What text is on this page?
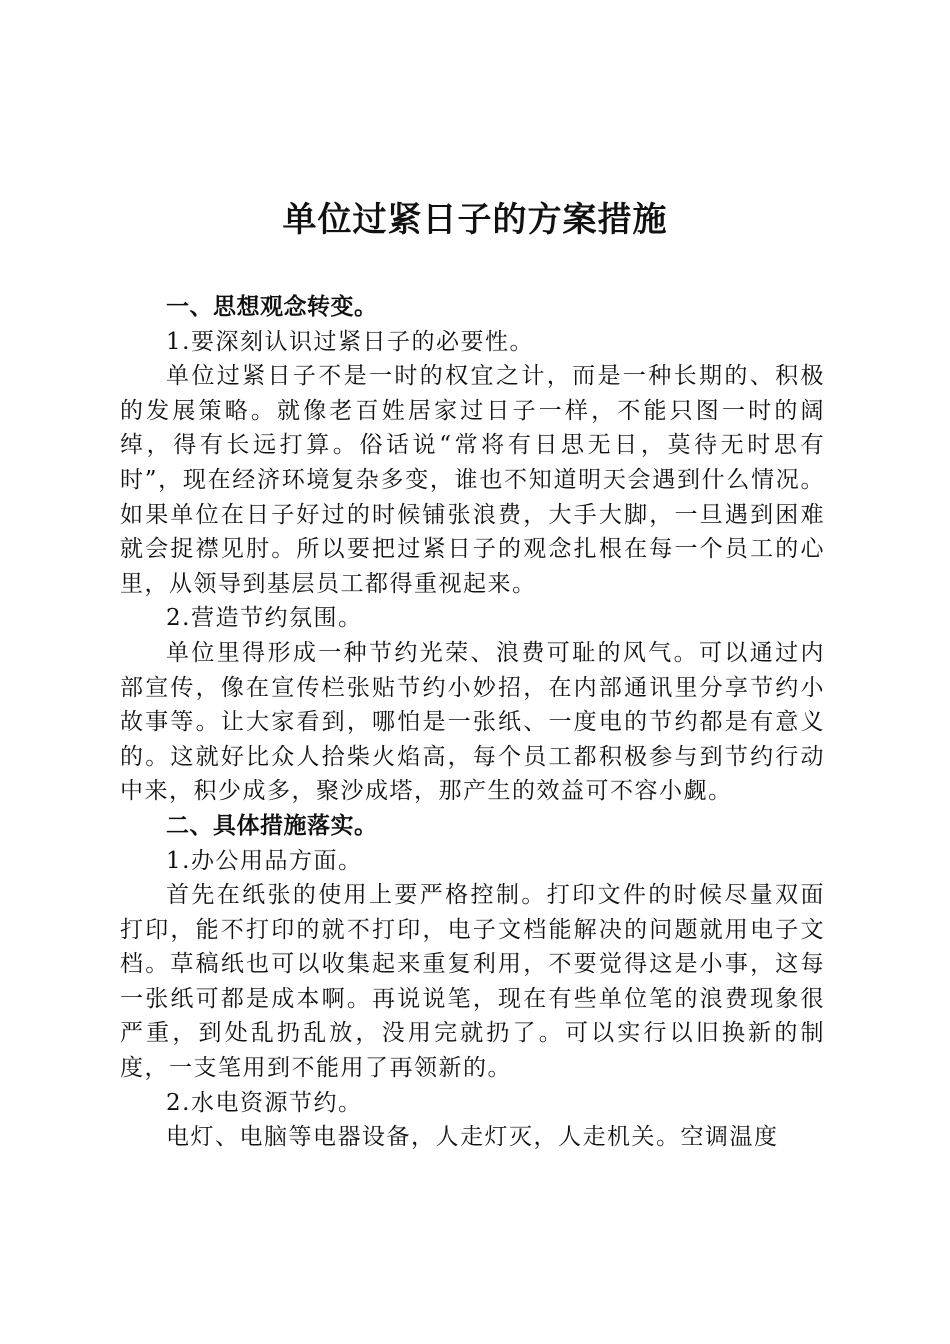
单位过紧日子的方案措施

一、思想观念转变。

1.要深刻认识过紧日子的必要性。

单位过紧日子不是一时的权宜之计，而是一种长期的、积极的发展策略。就像老百姓居家过日子一样，不能只图一时的阔绰，得有长远打算。俗话说“常将有日思无日，莫待无时思有时”，现在经济环境复杂多变，谁也不知道明天会遇到什么情况。如果单位在日子好过的时候铺张浪费，大手大脚，一旦遇到困难就会捉襟见肘。所以要把过紧日子的观念扎根在每一个员工的心里，从领导到基层员工都得重视起来。

2.营造节约氛围。

单位里得形成一种节约光荣、浪费可耻的风气。可以通过内部宣传，像在宣传栏张贴节约小妙招，在内部通讯里分享节约小故事等。让大家看到，哪怕是一张纸、一度电的节约都是有意义的。这就好比众人拾柴火焰高，每个员工都积极参与到节约行动中来，积少成多，聚沙成塔，那产生的效益可不容小觑。

二、具体措施落实。

1.办公用品方面。

首先在纸张的使用上要严格控制。打印文件的时候尽量双面打印，能不打印的就不打印，电子文档能解决的问题就用电子文档。草稿纸也可以收集起来重复利用，不要觉得这是小事，这每一张纸可都是成本啊。再说说笔，现在有些单位笔的浪费现象很严重，到处乱扔乱放，没用完就扔了。可以实行以旧换新的制度，一支笔用到不能用了再领新的。

2.水电资源节约。

电灯、电脑等电器设备，人走灯灭，人走机关。空调温度
